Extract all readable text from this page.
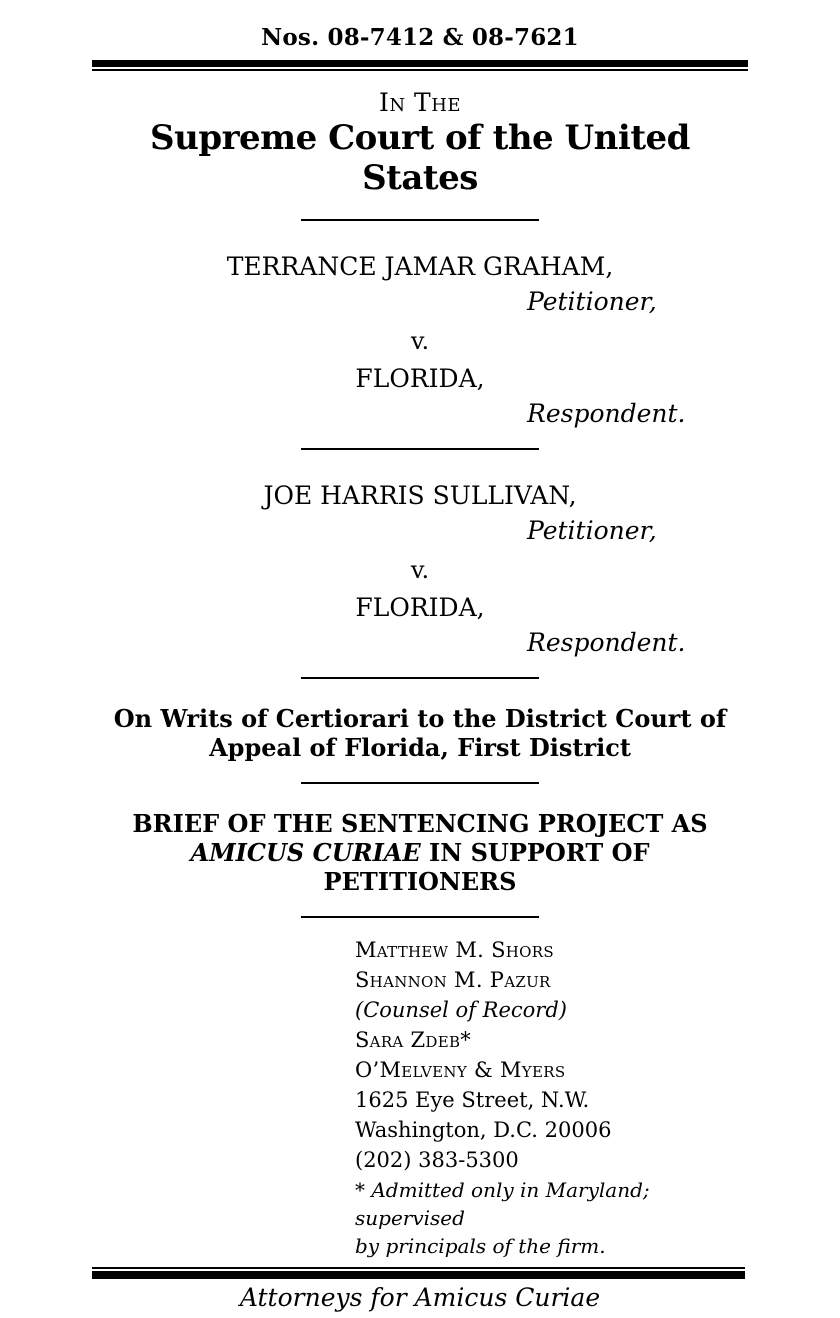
Nos. 08-7412 & 08-7621
In The
Supreme Court of the United States
TERRANCE JAMAR GRAHAM,
Petitioner,
v.
FLORIDA,
Respondent.
JOE HARRIS SULLIVAN,
Petitioner,
v.
FLORIDA,
Respondent.
On Writs of Certiorari to the District Court of
Appeal of Florida, First District
BRIEF OF THE SENTENCING PROJECT AS
AMICUS CURIAE IN SUPPORT OF PETITIONERS
Matthew M. Shors
Shannon M. Pazur
(Counsel of Record)
Sara Zdeb*
O’Melveny & Myers
1625 Eye Street, N.W.
Washington, D.C. 20006
(202) 383-5300
* Admitted only in Maryland; supervised
by principals of the firm.
Attorneys for Amicus Curiae
